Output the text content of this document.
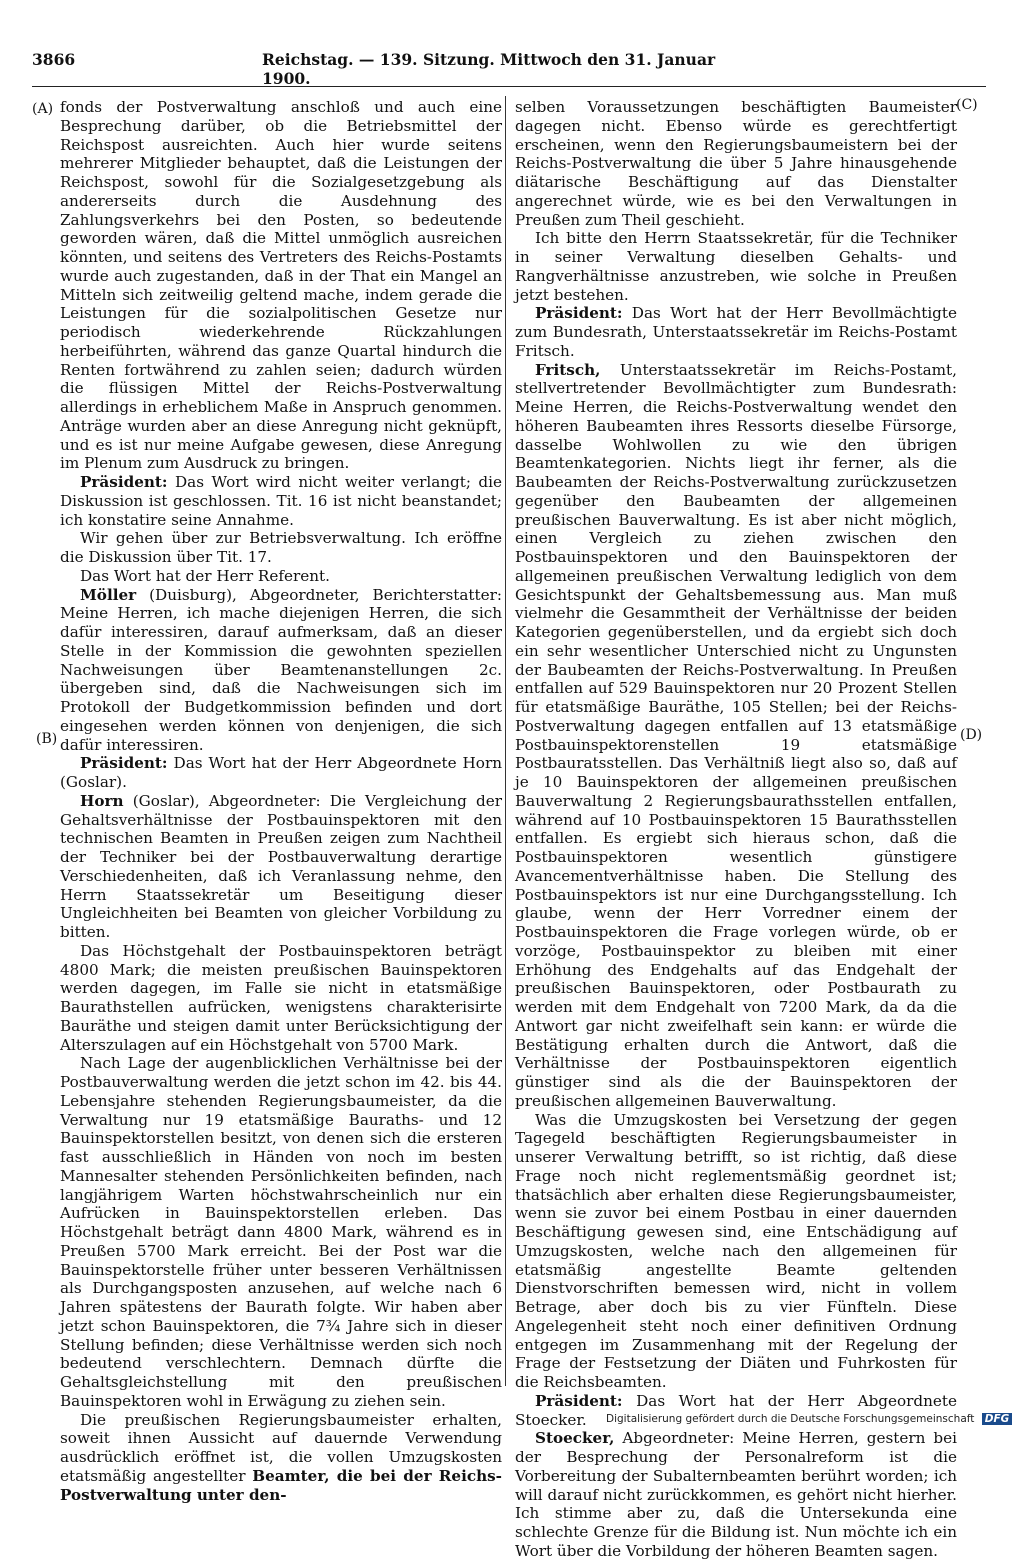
3866	Reichstag. — 139. Sitzung. Mittwoch den 31. Januar 1900.
(A)
(B)
(C)
(D)

fonds der Postverwaltung anschloß und auch eine Besprechung darüber, ob die Betriebsmittel der Reichspost ausreichten. Auch hier wurde seitens mehrerer Mitglieder behauptet, daß die Leistungen der Reichspost, sowohl für die Sozialgesetzgebung als andererseits durch die Ausdehnung des Zahlungsverkehrs bei den Posten, so bedeutende geworden wären, daß die Mittel unmöglich ausreichen könnten, und seitens des Vertreters des Reichs-Postamts wurde auch zugestanden, daß in der That ein Mangel an Mitteln sich zeitweilig geltend mache, indem gerade die Leistungen für die sozialpolitischen Gesetze nur periodisch wiederkehrende Rückzahlungen herbeiführten, während das ganze Quartal hindurch die Renten fortwährend zu zahlen seien; dadurch würden die flüssigen Mittel der Reichs-Postverwaltung allerdings in erheblichem Maße in Anspruch genommen. Anträge wurden aber an diese Anregung nicht geknüpft, und es ist nur meine Aufgabe gewesen, diese Anregung im Plenum zum Ausdruck zu bringen.

Präsident: Das Wort wird nicht weiter verlangt; die Diskussion ist geschlossen. Tit. 16 ist nicht beanstandet; ich konstatire seine Annahme.

Wir gehen über zur Betriebsverwaltung. Ich eröffne die Diskussion über Tit. 17.

Das Wort hat der Herr Referent.

Möller (Duisburg), Abgeordneter, Berichterstatter: Meine Herren, ich mache diejenigen Herren, die sich dafür interessiren, darauf aufmerksam, daß an dieser Stelle in der Kommission die gewohnten speziellen Nachweisungen über Beamtenanstellungen 2c. übergeben sind, daß die Nachweisungen sich im Protokoll der Budgetkommission befinden und dort eingesehen werden können von denjenigen, die sich dafür interessiren.

Präsident: Das Wort hat der Herr Abgeordnete Horn (Goslar).

Horn (Goslar), Abgeordneter: Die Vergleichung der Gehaltsverhältnisse der Postbauinspektoren mit den technischen Beamten in Preußen zeigen zum Nachtheil der Techniker bei der Postbauverwaltung derartige Verschiedenheiten, daß ich Veranlassung nehme, den Herrn Staatssekretär um Beseitigung dieser Ungleichheiten bei Beamten von gleicher Vorbildung zu bitten.

Das Höchstgehalt der Postbauinspektoren beträgt 4800 Mark; die meisten preußischen Bauinspektoren werden dagegen, im Falle sie nicht in etatsmäßige Baurathstellen aufrücken, wenigstens charakterisirte Bauräthe und steigen damit unter Berücksichtigung der Alterszulagen auf ein Höchstgehalt von 5700 Mark.

Nach Lage der augenblicklichen Verhältnisse bei der Postbauverwaltung werden die jetzt schon im 42. bis 44. Lebensjahre stehenden Regierungsbaumeister, da die Verwaltung nur 19 etatsmäßige Bauraths- und 12 Bauinspektorstellen besitzt, von denen sich die ersteren fast ausschließlich in Händen von noch im besten Mannesalter stehenden Persönlichkeiten befinden, nach langjährigem Warten höchstwahrscheinlich nur ein Aufrücken in Bauinspektorstellen erleben. Das Höchstgehalt beträgt dann 4800 Mark, während es in Preußen 5700 Mark erreicht. Bei der Post war die Bauinspektorstelle früher unter besseren Verhältnissen als Durchgangsposten anzusehen, auf welche nach 6 Jahren spätestens der Baurath folgte. Wir haben aber jetzt schon Bauinspektoren, die 7¾ Jahre sich in dieser Stellung befinden; diese Verhältnisse werden sich noch bedeutend verschlechtern. Demnach dürfte die Gehaltsgleichstellung mit den preußischen Bauinspektoren wohl in Erwägung zu ziehen sein.

Die preußischen Regierungsbaumeister erhalten, soweit ihnen Aussicht auf dauernde Verwendung ausdrücklich eröffnet ist, die vollen Umzugskosten etatsmäßig angestellter Beamter, die bei der Reichs-Postverwaltung unter den-

selben Voraussetzungen beschäftigten Baumeister dagegen nicht. Ebenso würde es gerechtfertigt erscheinen, wenn den Regierungsbaumeistern bei der Reichs-Postverwaltung die über 5 Jahre hinausgehende diätarische Beschäftigung auf das Dienstalter angerechnet würde, wie es bei den Verwaltungen in Preußen zum Theil geschieht.

Ich bitte den Herrn Staatssekretär, für die Techniker in seiner Verwaltung dieselben Gehalts- und Rangverhältnisse anzustreben, wie solche in Preußen jetzt bestehen.

Präsident: Das Wort hat der Herr Bevollmächtigte zum Bundesrath, Unterstaatssekretär im Reichs-Postamt Fritsch.

Fritsch, Unterstaatssekretär im Reichs-Postamt, stellvertretender Bevollmächtigter zum Bundesrath: Meine Herren, die Reichs-Postverwaltung wendet den höheren Baubeamten ihres Ressorts dieselbe Fürsorge, dasselbe Wohlwollen zu wie den übrigen Beamtenkategorien. Nichts liegt ihr ferner, als die Baubeamten der Reichs-Postverwaltung zurückzusetzen gegenüber den Baubeamten der allgemeinen preußischen Bauverwaltung. Es ist aber nicht möglich, einen Vergleich zu ziehen zwischen den Postbauinspektoren und den Bauinspektoren der allgemeinen preußischen Verwaltung lediglich von dem Gesichtspunkt der Gehaltsbemessung aus. Man muß vielmehr die Gesammtheit der Verhältnisse der beiden Kategorien gegenüberstellen, und da ergiebt sich doch ein sehr wesentlicher Unterschied nicht zu Ungunsten der Baubeamten der Reichs-Postverwaltung. In Preußen entfallen auf 529 Bauinspektoren nur 20 Prozent Stellen für etatsmäßige Bauräthe, 105 Stellen; bei der Reichs-Postverwaltung dagegen entfallen auf 13 etatsmäßige Postbauinspektorenstellen 19 etatsmäßige Postbauratsstellen. Das Verhältniß liegt also so, daß auf je 10 Bauinspektoren der allgemeinen preußischen Bauverwaltung 2 Regierungsbaurathsstellen entfallen, während auf 10 Postbauinspektoren 15 Baurathsstellen entfallen. Es ergiebt sich hieraus schon, daß die Postbauinspektoren wesentlich günstigere Avancementverhältnisse haben. Die Stellung des Postbauinspektors ist nur eine Durchgangsstellung. Ich glaube, wenn der Herr Vorredner einem der Postbauinspektoren die Frage vorlegen würde, ob er vorzöge, Postbauinspektor zu bleiben mit einer Erhöhung des Endgehalts auf das Endgehalt der preußischen Bauinspektoren, oder Postbaurath zu werden mit dem Endgehalt von 7200 Mark, da da die Antwort gar nicht zweifelhaft sein kann: er würde die Bestätigung erhalten durch die Antwort, daß die Verhältnisse der Postbauinspektoren eigentlich günstiger sind als die der Bauinspektoren der preußischen allgemeinen Bauverwaltung.

Was die Umzugskosten bei Versetzung der gegen Tagegeld beschäftigten Regierungsbaumeister in unserer Verwaltung betrifft, so ist richtig, daß diese Frage noch nicht reglementsmäßig geordnet ist; thatsächlich aber erhalten diese Regierungsbaumeister, wenn sie zuvor bei einem Postbau in einer dauernden Beschäftigung gewesen sind, eine Entschädigung auf Umzugskosten, welche nach den allgemeinen für etatsmäßig angestellte Beamte geltenden Dienstvorschriften bemessen wird, nicht in vollem Betrage, aber doch bis zu vier Fünfteln. Diese Angelegenheit steht noch einer definitiven Ordnung entgegen im Zusammenhang mit der Regelung der Frage der Festsetzung der Diäten und Fuhrkosten für die Reichsbeamten.

Präsident: Das Wort hat der Herr Abgeordnete Stoecker.

Stoecker, Abgeordneter: Meine Herren, gestern bei der Besprechung der Personalreform ist die Vorbereitung der Subalternbeamten berührt worden; ich will darauf nicht zurückkommen, es gehört nicht hierher. Ich stimme aber zu, daß die Untersekunda eine schlechte Grenze für die Bildung ist. Nun möchte ich ein Wort über die Vorbildung der höheren Beamten sagen.

Digitalisierung gefördert durch die Deutsche Forschungsgemeinschaft DFG
